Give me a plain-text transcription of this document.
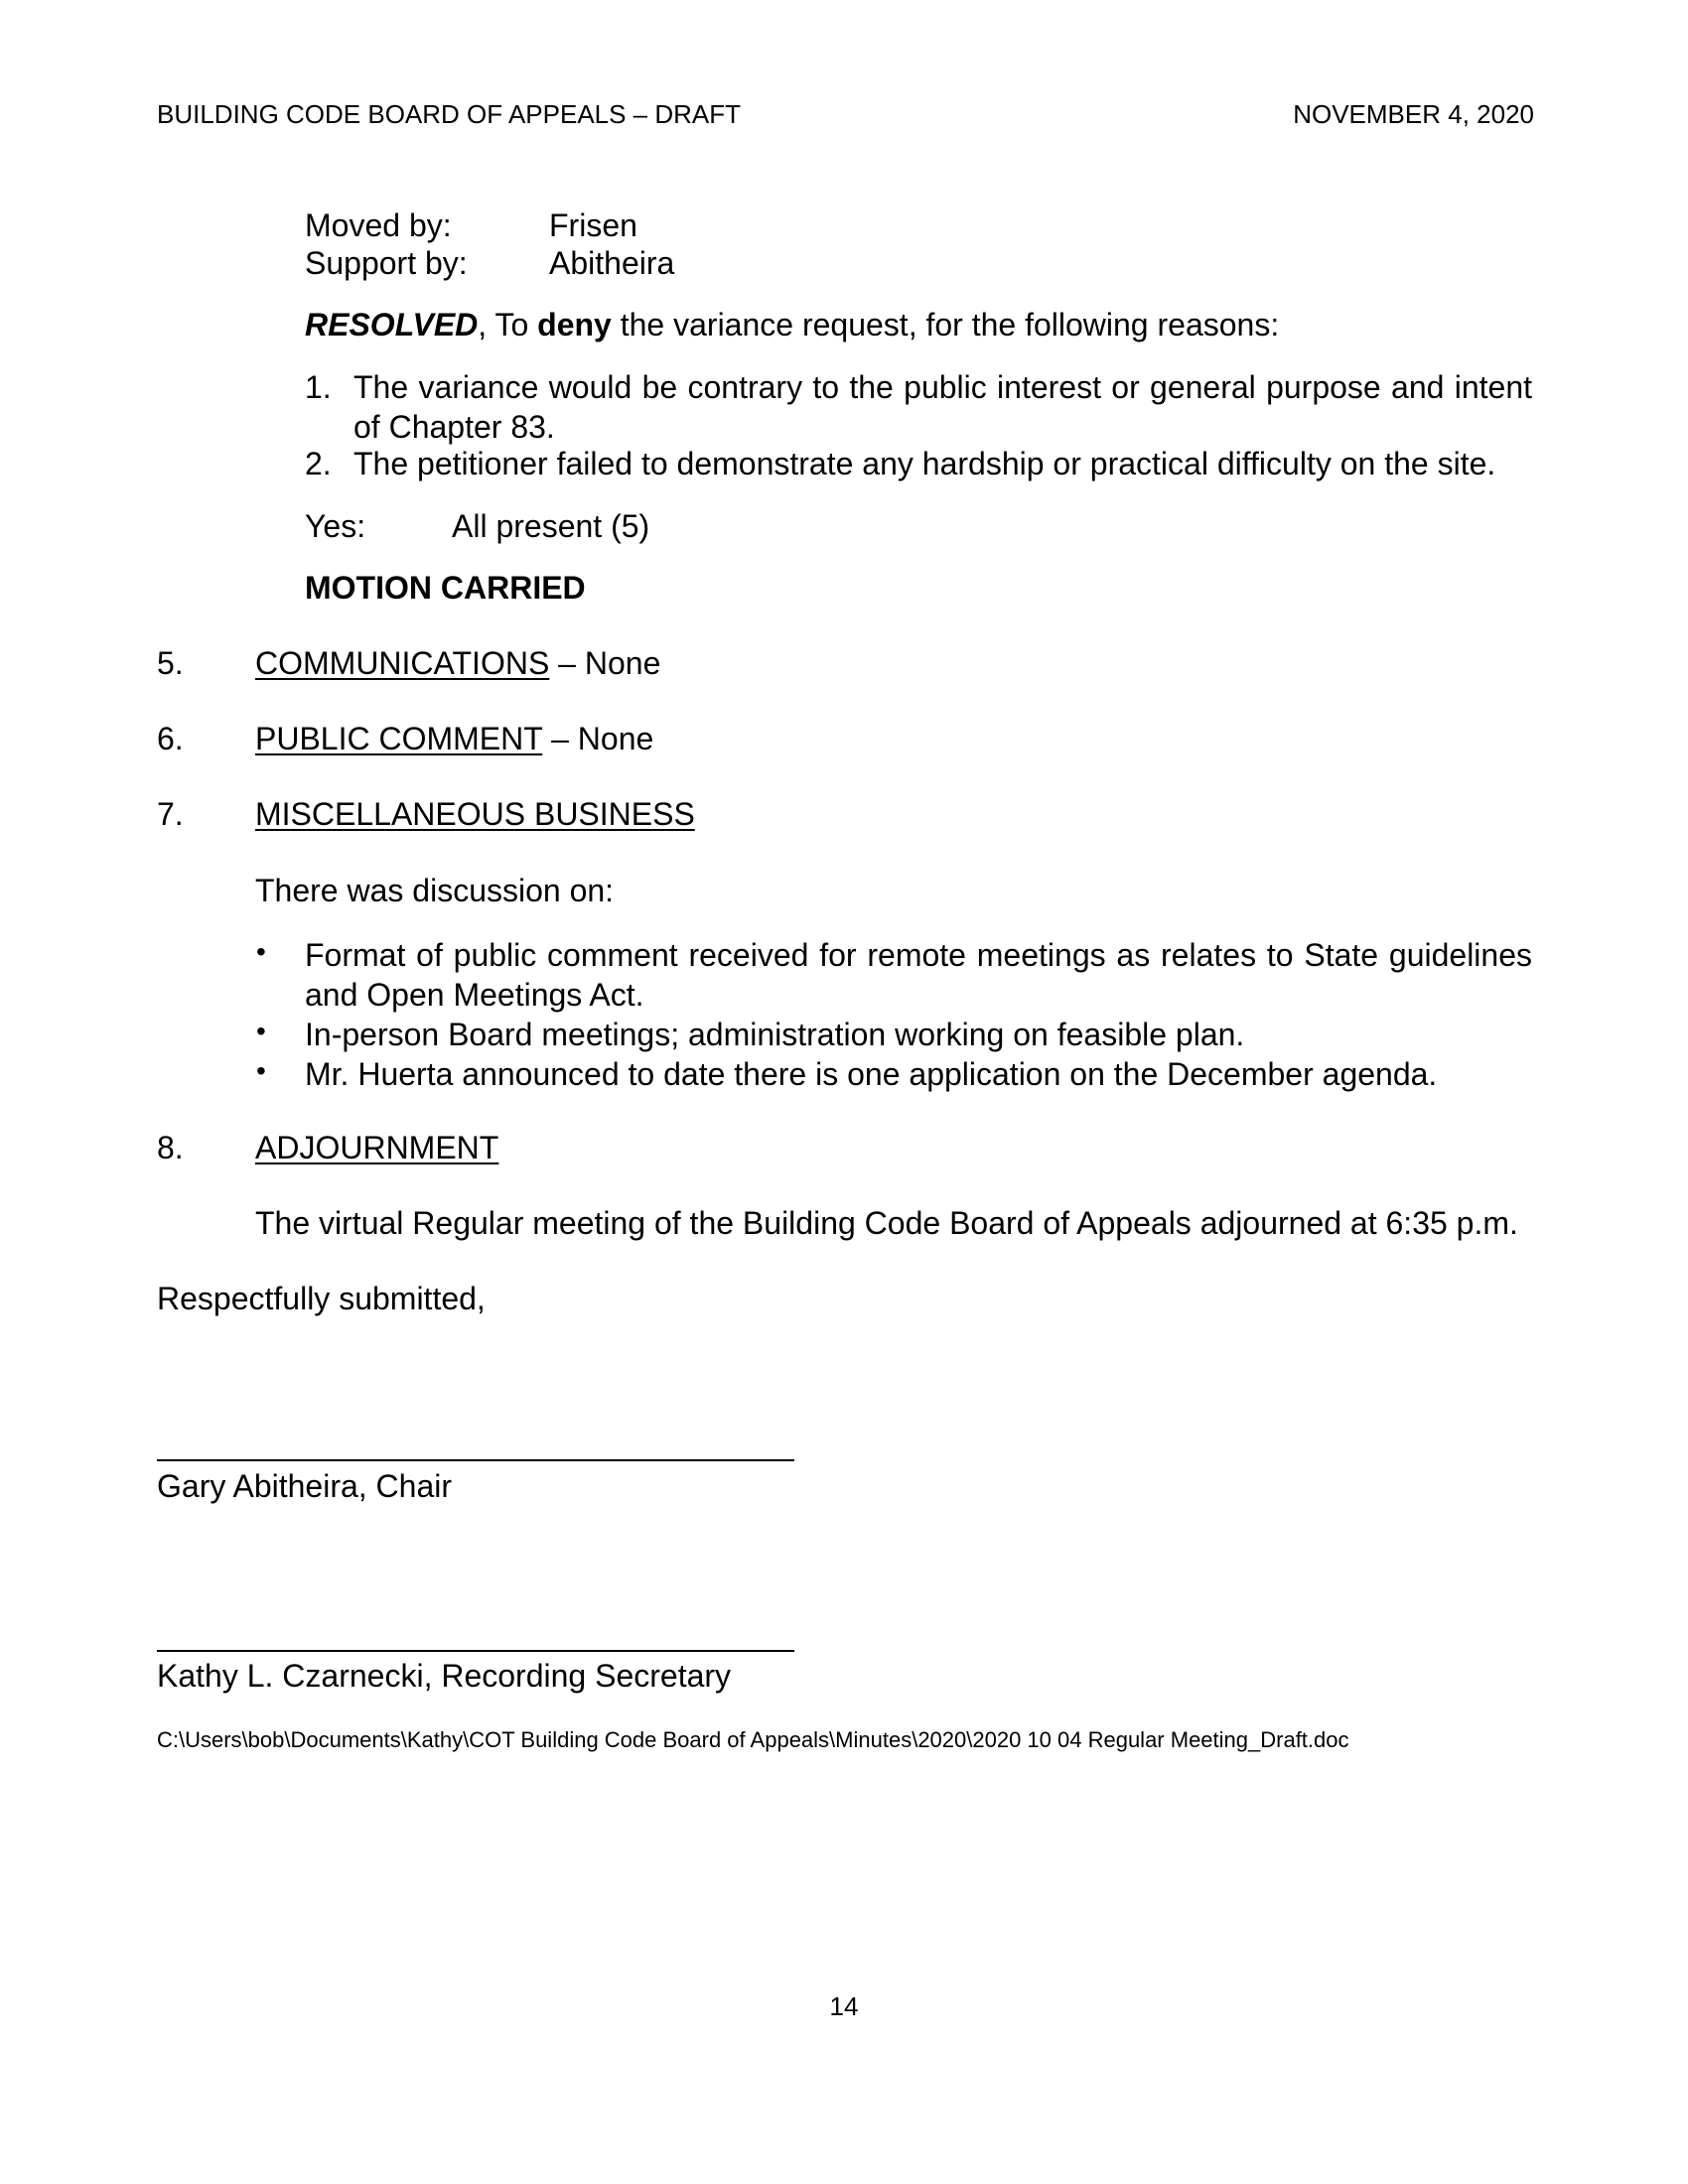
BUILDING CODE BOARD OF APPEALS – DRAFT	NOVEMBER 4, 2020
Moved by:	Frisen
Support by:	Abitheira
RESOLVED, To deny the variance request, for the following reasons:
1. The variance would be contrary to the public interest or general purpose and intent of Chapter 83.
2. The petitioner failed to demonstrate any hardship or practical difficulty on the site.
Yes:	All present (5)
MOTION CARRIED
5. COMMUNICATIONS – None
6. PUBLIC COMMENT – None
7. MISCELLANEOUS BUSINESS
There was discussion on:
• Format of public comment received for remote meetings as relates to State guidelines and Open Meetings Act.
• In-person Board meetings; administration working on feasible plan.
• Mr. Huerta announced to date there is one application on the December agenda.
8. ADJOURNMENT
The virtual Regular meeting of the Building Code Board of Appeals adjourned at 6:35 p.m.
Respectfully submitted,
Gary Abitheira, Chair
Kathy L. Czarnecki, Recording Secretary
C:\Users\bob\Documents\Kathy\COT Building Code Board of Appeals\Minutes\2020\2020 10 04 Regular Meeting_Draft.doc
14
